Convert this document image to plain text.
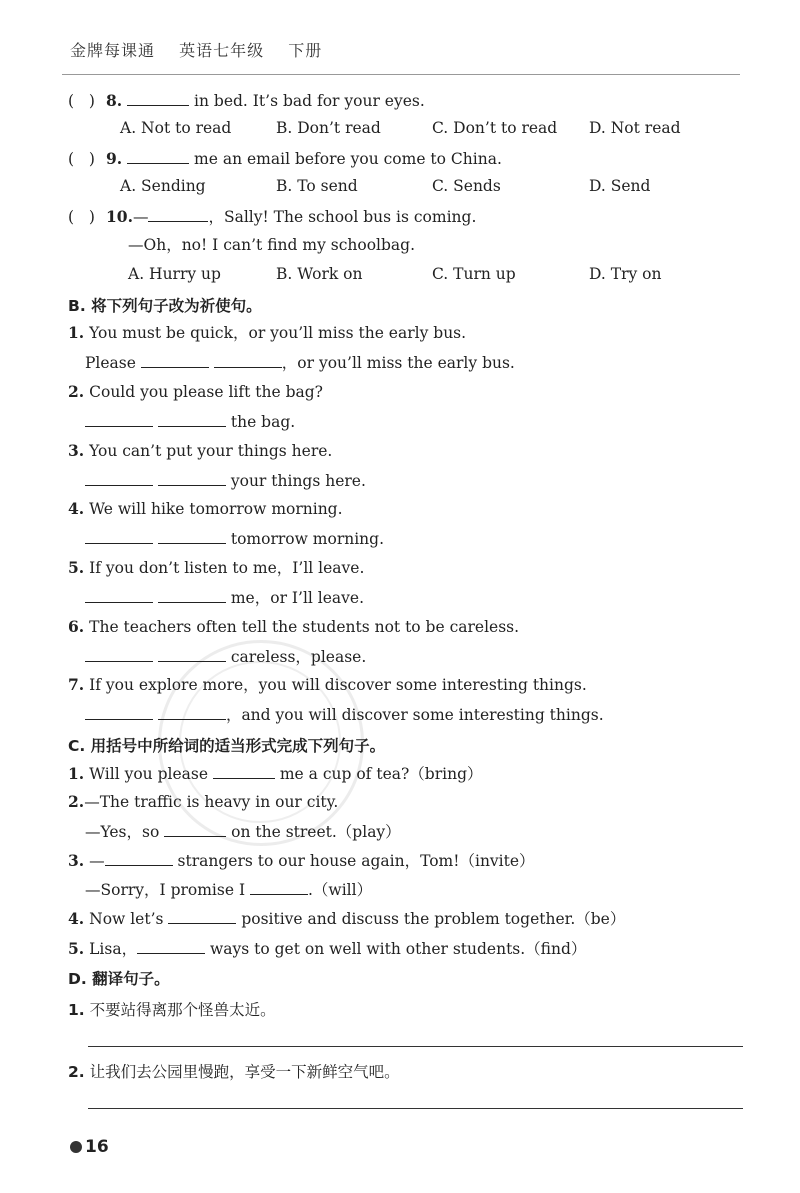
金牌每课通 英语七年级 下册
( ) 8.	in bed. It’s bad for your eyes.
A. Not to read	B. Don’t read	C. Don’t to read D. Not read
( ) 9.	me an email before you come to China.
A. Sending	B. To send	C. Sends	D. Send
( ) 10.—	，Sally! The school bus is coming.
—Oh，no! I can’t find my schoolbag.
A. Hurry up	B. Work on	C. Turn up	D. Try on
B. 将下列句子改为祈使句。
1. You must be quick，or you’ll miss the early bus.
Please	，or you’ll miss the early bus.
2. Could you please lift the bag?
the bag.
3. You can’t put your things here.
your things here.
4. We will hike tomorrow morning.
tomorrow morning.
5. If you don’t listen to me，I’ll leave.
me，or I’ll leave.
6. The teachers often tell the students not to be careless.
careless，please.
7. If you explore more，you will discover some interesting things.
，and you will discover some interesting things.
C. 用括号中所给词的适当形式完成下列句子。
1. Will you please	me a cup of tea?（bring）
2.—The traffic is heavy in our city.
—Yes，so	on the street.（play）
3. —	strangers to our house again，Tom!（invite）
—Sorry，I promise I	.（will）
4. Now let’s	positive and discuss the problem together.（be）
5. Lisa，	ways to get on well with other students.（find）
D. 翻译句子。
1. 不要站得离那个怪兽太近。
2. 让我们去公园里慢跑，享受一下新鲜空气吧。
16
